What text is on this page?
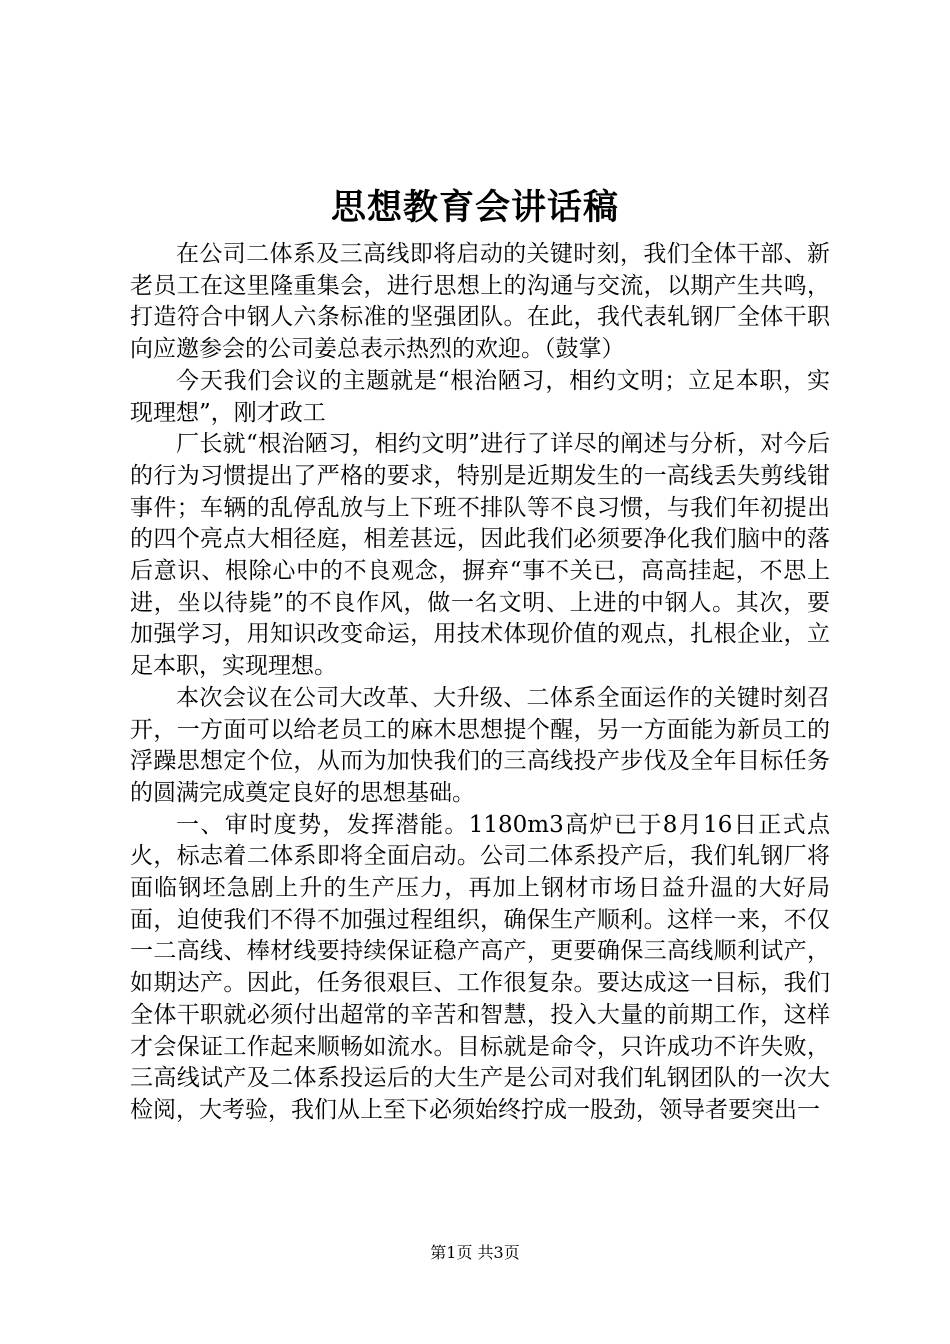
思想教育会讲话稿

在公司二体系及三高线即将启动的关键时刻，我们全体干部、新老员工在这里隆重集会，进行思想上的沟通与交流，以期产生共鸣，打造符合中钢人六条标准的坚强团队。在此，我代表轧钢厂全体干职向应邀参会的公司姜总表示热烈的欢迎。（鼓掌）

今天我们会议的主题就是“根治陋习，相约文明；立足本职，实现理想”，刚才政工

厂长就“根治陋习，相约文明”进行了详尽的阐述与分析，对今后的行为习惯提出了严格的要求，特别是近期发生的一高线丢失剪线钳事件；车辆的乱停乱放与上下班不排队等不良习惯，与我们年初提出的四个亮点大相径庭，相差甚远，因此我们必须要净化我们脑中的落后意识、根除心中的不良观念，摒弃“事不关已，高高挂起，不思上进，坐以待毙”的不良作风，做一名文明、上进的中钢人。其次，要加强学习，用知识改变命运，用技术体现价值的观点，扎根企业，立足本职，实现理想。

本次会议在公司大改革、大升级、二体系全面运作的关键时刻召开，一方面可以给老员工的麻木思想提个醒，另一方面能为新员工的浮躁思想定个位，从而为加快我们的三高线投产步伐及全年目标任务的圆满完成奠定良好的思想基础。

一、审时度势，发挥潜能。1180m3高炉已于8月16日正式点火，标志着二体系即将全面启动。公司二体系投产后，我们轧钢厂将面临钢坯急剧上升的生产压力，再加上钢材市场日益升温的大好局面，迫使我们不得不加强过程组织，确保生产顺利。这样一来，不仅一二高线、棒材线要持续保证稳产高产，更要确保三高线顺利试产，如期达产。因此，任务很艰巨、工作很复杂。要达成这一目标，我们全体干职就必须付出超常的辛苦和智慧，投入大量的前期工作，这样才会保证工作起来顺畅如流水。目标就是命令，只许成功不许失败，三高线试产及二体系投运后的大生产是公司对我们轧钢团队的一次大检阅，大考验，我们从上至下必须始终拧成一股劲，领导者要突出一

第1页 共3页
